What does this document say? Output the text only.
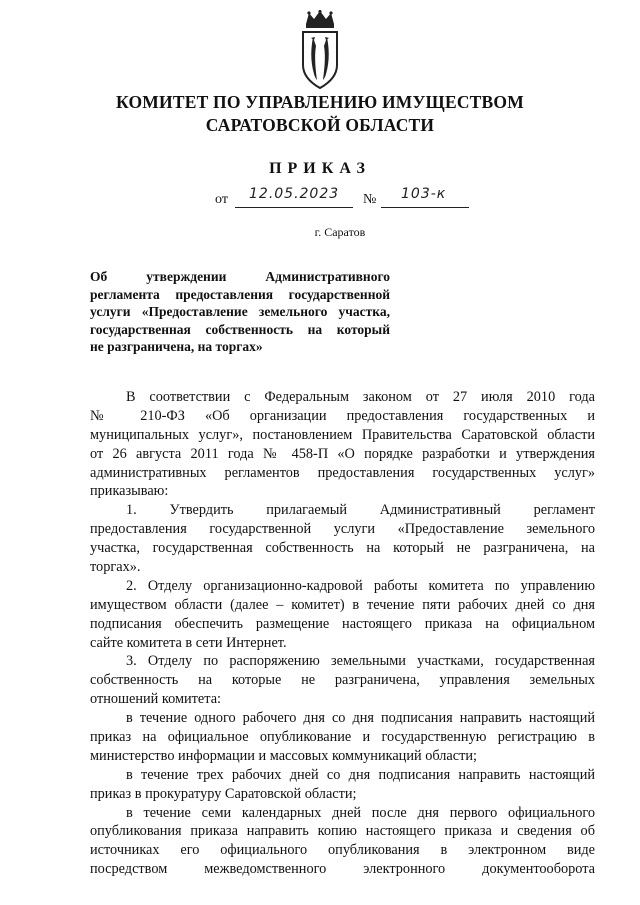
КОМИТЕТ ПО УПРАВЛЕНИЮ ИМУЩЕСТВОМ
САРАТОВСКОЙ ОБЛАСТИ
ПРИКАЗ
от 12.05.2023 № 103-к
г. Саратов
Об утверждении Административного
регламента предоставления государственной
услуги «Предоставление земельного участка,
государственная собственность на который
не разграничена, на торгах»
В соответствии с Федеральным законом от 27 июля 2010 года
№ 210-ФЗ «Об организации предоставления государственных и
муниципальных услуг», постановлением Правительства Саратовской области
от 26 августа 2011 года № 458-П «О порядке разработки и утверждения
административных регламентов предоставления государственных услуг»
приказываю:
1. Утвердить прилагаемый Административный регламент
предоставления государственной услуги «Предоставление земельного
участка, государственная собственность на который не разграничена, на
торгах».
2. Отделу организационно-кадровой работы комитета по управлению
имуществом области (далее – комитет) в течение пяти рабочих дней со дня
подписания обеспечить размещение настоящего приказа на официальном
сайте комитета в сети Интернет.
3. Отделу по распоряжению земельными участками, государственная
собственность на которые не разграничена, управления земельных
отношений комитета:
в течение одного рабочего дня со дня подписания направить настоящий
приказ на официальное опубликование и государственную регистрацию в
министерство информации и массовых коммуникаций области;
в течение трех рабочих дней со дня подписания направить настоящий
приказ в прокуратуру Саратовской области;
в течение семи календарных дней после дня первого официального
опубликования приказа направить копию настоящего приказа и сведения об
источниках его официального опубликования в электронном виде
посредством межведомственного электронного документооборота
